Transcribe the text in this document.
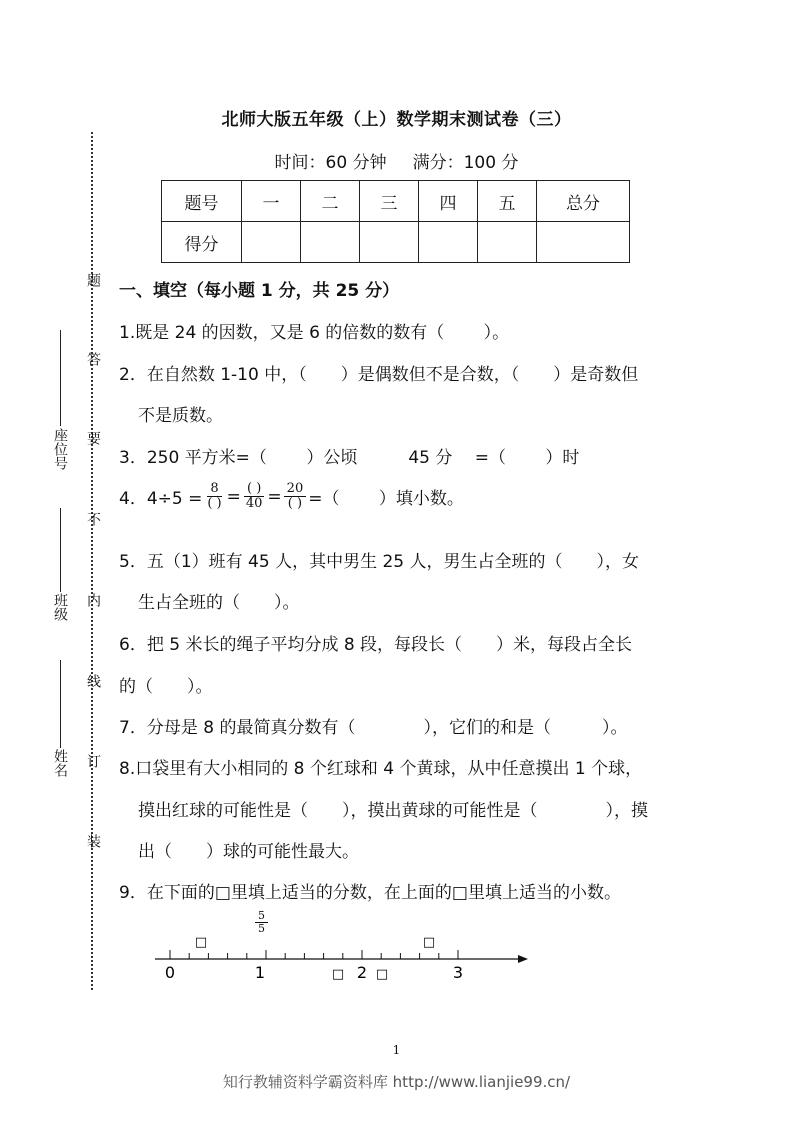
北师大版五年级（上）数学期末测试卷（三）
时间：60 分钟 满分：100 分
题号	一	二	三	四	五	总分
得分						
座位号
班级
姓名
题
答
要
不
内
线
订
装
一、填空（每小题 1 分，共 25 分）
1.既是 24 的因数，又是 6 的倍数的数有（　　 ）。
2．在自然数 1-10 中，（　　）是偶数但不是合数，（　　）是奇数但
不是质数。
3．250 平方米=（　　 ）公顷　　　45 分　 =（　　 ）时
4．$4\div 5 = \frac{8}{( )} = \frac{( )}{40} = \frac{20}{( )}$ =（　　 ）填小数。
5．五（1）班有 45 人，其中男生 25 人，男生占全班的（　　），女
生占全班的（　　）。
6．把 5 米长的绳子平均分成 8 段，每段长（　　）米，每段占全长
的（　　）。
7．分母是 8 的最简真分数有（　　　　），它们的和是（　　　）。
8.口袋里有大小相同的 8 个红球和 4 个黄球，从中任意摸出 1 个球，
摸出红球的可能性是（　　），摸出黄球的可能性是（　　　　），摸
出（　　）球的可能性最大。
9．在下面的□里填上适当的分数，在上面的□里填上适当的小数。
0	1	2	3
□	□
□ □
$\frac{5}{5}$
1
知行教辅资料学霸资料库 http://www.lianjie99.cn/
